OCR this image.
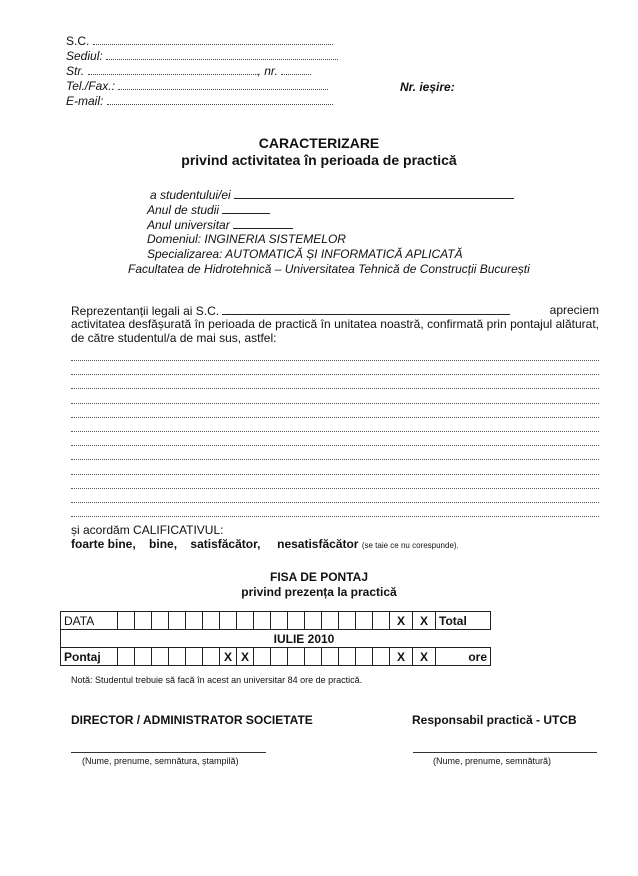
S.C.
Sediul:
Str.	, nr.
Tel./Fax.:
E-mail:
Nr. ieșire:
CARACTERIZARE
privind activitatea în perioada de practică
a studentului/ei
Anul de studii
Anul universitar
Domeniul: INGINERIA SISTEMELOR
Specializarea: AUTOMATICĂ ȘI INFORMATICĂ APLICATĂ
Facultatea de Hidrotehnică – Universitatea Tehnică de Construcții București
Reprezentanții legali ai S.C.	apreciem
activitatea desfășurată în perioada de practică în unitatea noastră, confirmată prin pontajul alăturat, de către studentul/a de mai sus, astfel:
și acordăm CALIFICATIVUL:
foarte bine, bine, satisfăcător, nesatisfăcător (se taie ce nu corespunde).
FISA DE PONTAJ
privind prezența la practică
DATA																	X	X	Total
	IULIE 2010																		
Pontaj							X	X									X	X	ore
Notă: Studentul trebuie să facă în acest an universitar 84 ore de practică.
DIRECTOR / ADMINISTRATOR SOCIETATE	Responsabil practică - UTCB
(Nume, prenume, semnătura, ștampilă)	(Nume, prenume, semnătură)
